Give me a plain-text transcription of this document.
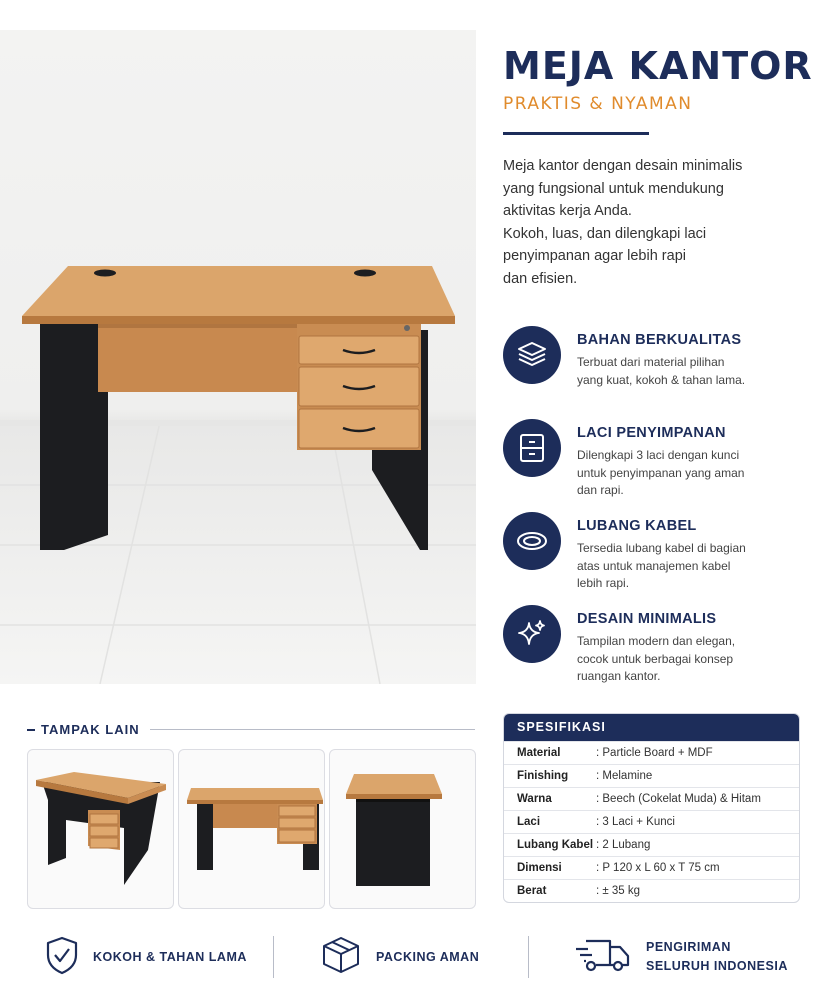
MEJA KANTOR
PRAKTIS & NYAMAN
Meja kantor dengan desain minimalis
yang fungsional untuk mendukung
aktivitas kerja Anda.
Kokoh, luas, dan dilengkapi laci
penyimpanan agar lebih rapi
dan efisien.
BAHAN BERKUALITAS
Terbuat dari material pilihan
yang kuat, kokoh & tahan lama.
LACI PENYIMPANAN
Dilengkapi 3 laci dengan kunci
untuk penyimpanan yang aman
dan rapi.
LUBANG KABEL
Tersedia lubang kabel di bagian
atas untuk manajemen kabel
lebih rapi.
DESAIN MINIMALIS
Tampilan modern dan elegan,
cocok untuk berbagai konsep
ruangan kantor.
TAMPAK LAIN	SPESIFIKASI
Material	: Particle Board + MDF
Finishing	: Melamine
Warna	: Beech (Cokelat Muda) & Hitam
Laci	: 3 Laci + Kunci
Lubang Kabel : 2 Lubang
Dimensi	: P 120 x L 60 x T 75 cm
Berat	: ± 35 kg
KOKOH & TAHAN LAMA	PACKING AMAN
PENGIRIMAN
SELURUH INDONESIA
